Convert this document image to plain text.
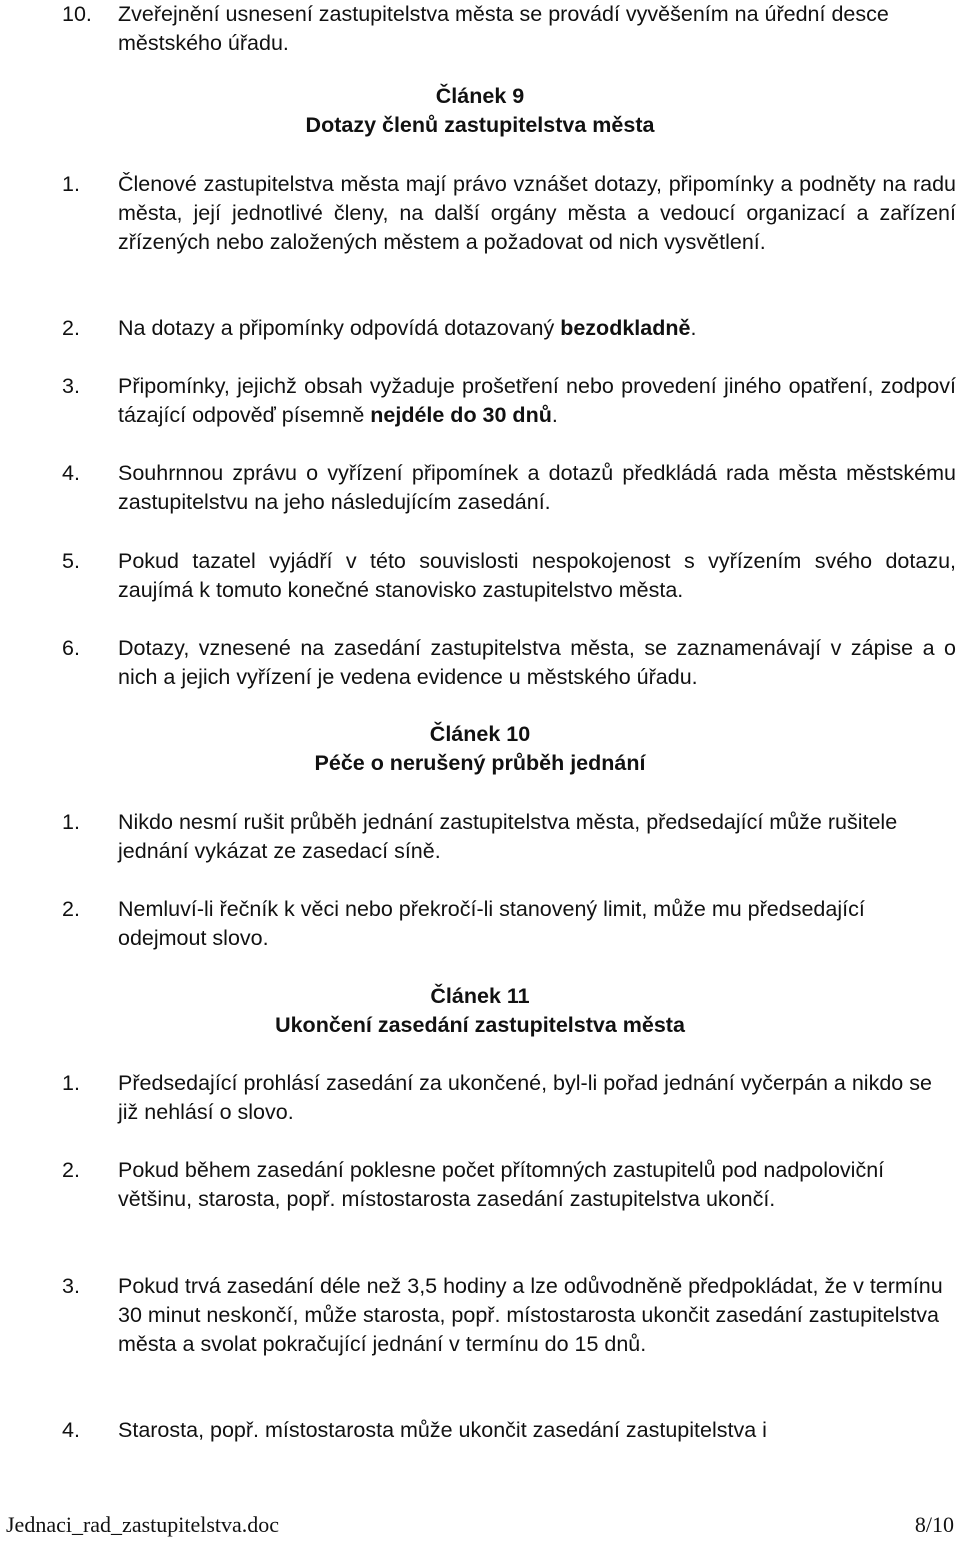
10. Zveřejnění usnesení zastupitelstva města se provádí vyvěšením na úřední desce městského úřadu.
Článek 9
Dotazy členů zastupitelstva města
1. Členové zastupitelstva města mají právo vznášet dotazy, připomínky a podněty na radu města, její jednotlivé členy, na další orgány města a vedoucí organizací a zařízení zřízených nebo založených městem a požadovat od nich vysvětlení.
2. Na dotazy a připomínky odpovídá dotazovaný bezodkladně.
3. Připomínky, jejichž obsah vyžaduje prošetření nebo provedení jiného opatření, zodpoví tázající odpověď písemně nejdéle do 30 dnů.
4. Souhrnnou zprávu o vyřízení připomínek a dotazů předkládá rada města městskému zastupitelstvu na jeho následujícím zasedání.
5. Pokud tazatel vyjádří v této souvislosti nespokojenost s vyřízením svého dotazu, zaujímá k tomuto konečné stanovisko zastupitelstvo města.
6. Dotazy, vznesené na zasedání zastupitelstva města, se zaznamenávají v zápise a o nich a jejich vyřízení je vedena evidence u městského úřadu.
Článek 10
Péče o nerušený průběh jednání
1. Nikdo nesmí rušit průběh jednání zastupitelstva města, předsedající může rušitele jednání vykázat ze zasedací síně.
2. Nemluví-li řečník k věci nebo překročí-li stanovený limit, může mu předsedající odejmout slovo.
Článek 11
Ukončení zasedání zastupitelstva města
1. Předsedající prohlásí zasedání za ukončené, byl-li pořad jednání vyčerpán a nikdo se již nehlásí o slovo.
2. Pokud během zasedání poklesne počet přítomných zastupitelů pod nadpoloviční většinu, starosta, popř. místostarosta zasedání zastupitelstva ukončí.
3. Pokud trvá zasedání déle než 3,5 hodiny a lze odůvodněně předpokládat, že v termínu 30 minut neskončí, může starosta, popř. místostarosta ukončit zasedání zastupitelstva města a svolat pokračující jednání v termínu do 15 dnů.
4. Starosta, popř. místostarosta může ukončit zasedání zastupitelstva i
Jednaci_rad_zastupitelstva.doc	8/10
